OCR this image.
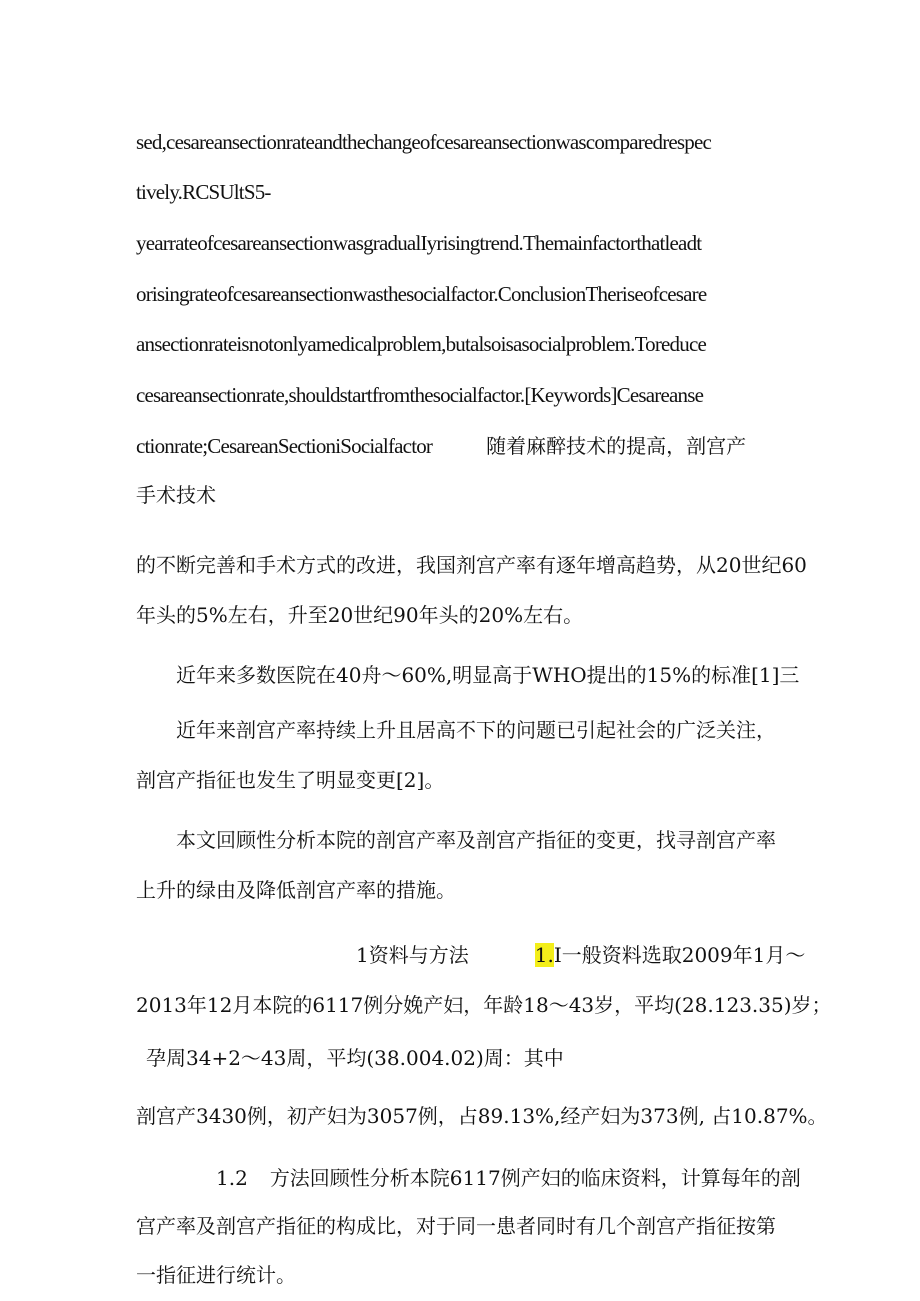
sed,cesareansectionrateandthechangeofcesareansectionwascomparedrespec
tively.RCSUltS5-
yearrateofcesareansectionwasgradualIyrisingtrend.Themainfactorthatleadt
orisingrateofcesareansectionwasthesocialfactor.ConclusionTheriseofcesare
ansectionrateisnotonlyamedicalproblem,butalsoisasocialproblem.Toreduce
cesareansectionrate,shouldstartfromthesocialfactor.[Keywords]Cesareanse
ctionrate;CesareanSectioniSocialfactor	随着麻醉技术的提高，剖宫产
手术技术
的不断完善和手术方式的改进，我国剂宫产率有逐年增高趋势，从20世纪60
年头的5%左右，升至20世纪90年头的20%左右。
近年来多数医院在40舟～60%,明显高于WHO提出的15%的标准[1]三
近年来剖宫产率持续上升且居高不下的问题已引起社会的广泛关注，
剖宫产指征也发生了明显变更[2]。
本文回顾性分析本院的剖宫产率及剖宫产指征的变更，找寻剖宫产率
上升的绿由及降低剖宫产率的措施。
1资料与方法	1.I一般资料选取2009年1月～
2013年12月本院的6117例分娩产妇，年龄18～43岁，平均(28.123.35)岁；
孕周34+2～43周，平均(38.004.02)周：其中
剖宫产3430例，初产妇为3057例，占89.13%,经产妇为373例, 占10.87%。
1.2 方法回顾性分析本院6117例产妇的临床资料，计算每年的剖
宫产率及剖宫产指征的构成比，对于同一患者同时有几个剖宫产指征按第
一指征进行统计。
